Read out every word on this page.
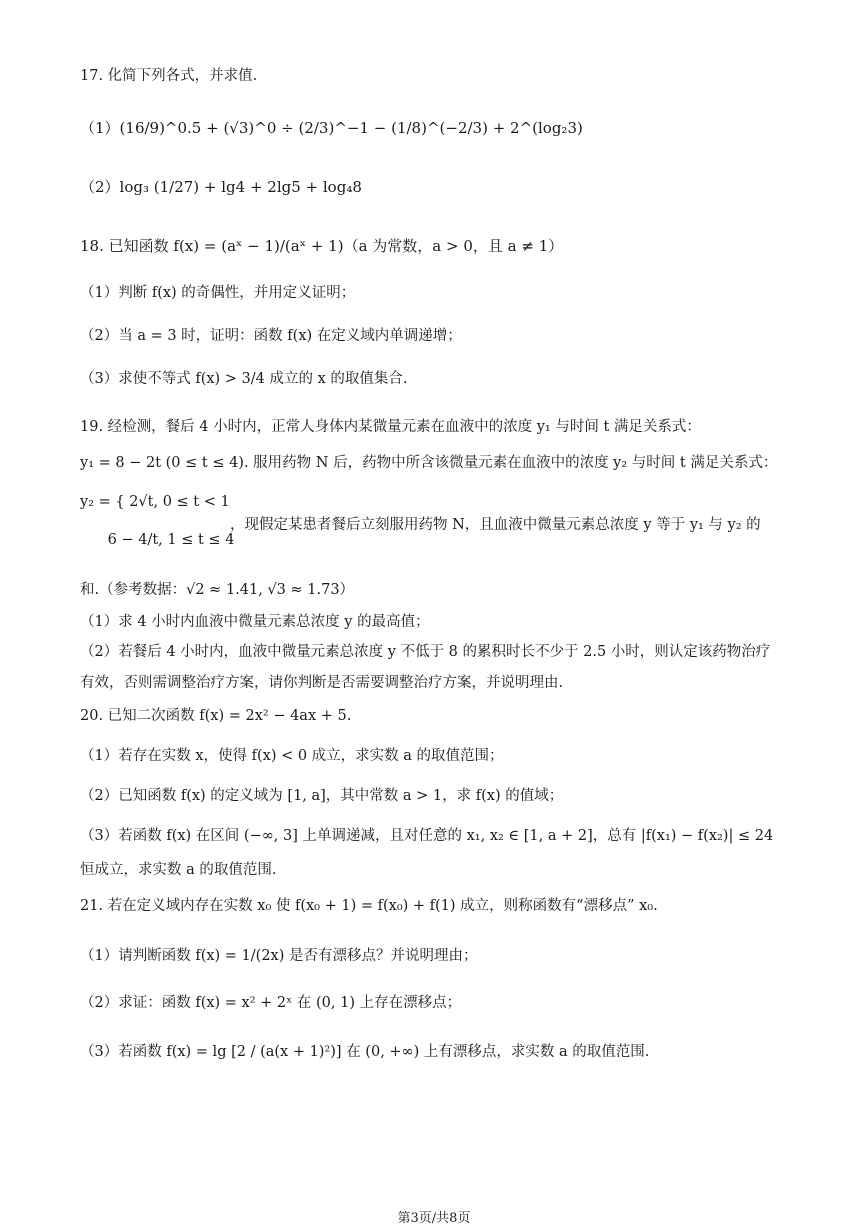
17. 化简下列各式，并求值.
（1）(16/9)^0.5 + (√3)^0 ÷ (2/3)^−1 − (1/8)^(−2/3) + 2^(log₂3)
（2）log₃ (1/27) + lg4 + 2lg5 + log₄8
18. 已知函数 f(x) = (aˣ − 1)/(aˣ + 1)（a 为常数，a > 0，且 a ≠ 1）
（1）判断 f(x) 的奇偶性，并用定义证明；
（2）当 a = 3 时，证明：函数 f(x) 在定义域内单调递增；
（3）求使不等式 f(x) > 3/4 成立的 x 的取值集合.
19. 经检测，餐后 4 小时内，正常人身体内某微量元素在血液中的浓度 y₁ 与时间 t 满足关系式：
y₁ = 8 − 2t (0 ≤ t ≤ 4). 服用药物 N 后，药物中所含该微量元素在血液中的浓度 y₂ 与时间 t 满足关系式：
y₂ = { 2√t, 0 ≤ t < 1
6 − 4/t, 1 ≤ t ≤ 4
，现假定某患者餐后立刻服用药物 N，且血液中微量元素总浓度 y 等于 y₁ 与 y₂ 的
和.（参考数据：√2 ≈ 1.41, √3 ≈ 1.73）
（1）求 4 小时内血液中微量元素总浓度 y 的最高值；
（2）若餐后 4 小时内，血液中微量元素总浓度 y 不低于 8 的累积时长不少于 2.5 小时，则认定该药物治疗
有效，否则需调整治疗方案，请你判断是否需要调整治疗方案，并说明理由.
20. 已知二次函数 f(x) = 2x² − 4ax + 5.
（1）若存在实数 x，使得 f(x) < 0 成立，求实数 a 的取值范围；
（2）已知函数 f(x) 的定义域为 [1, a]，其中常数 a > 1，求 f(x) 的值域；
（3）若函数 f(x) 在区间 (−∞, 3] 上单调递减，且对任意的 x₁, x₂ ∈ [1, a + 2]，总有 |f(x₁) − f(x₂)| ≤ 24
恒成立，求实数 a 的取值范围.
21. 若在定义域内存在实数 x₀ 使 f(x₀ + 1) = f(x₀) + f(1) 成立，则称函数有“漂移点” x₀.
（1）请判断函数 f(x) = 1/(2x) 是否有漂移点？并说明理由；
（2）求证：函数 f(x) = x² + 2ˣ 在 (0, 1) 上存在漂移点；
（3）若函数 f(x) = lg [2 / (a(x + 1)²)] 在 (0, +∞) 上有漂移点，求实数 a 的取值范围.
第3页/共8页
